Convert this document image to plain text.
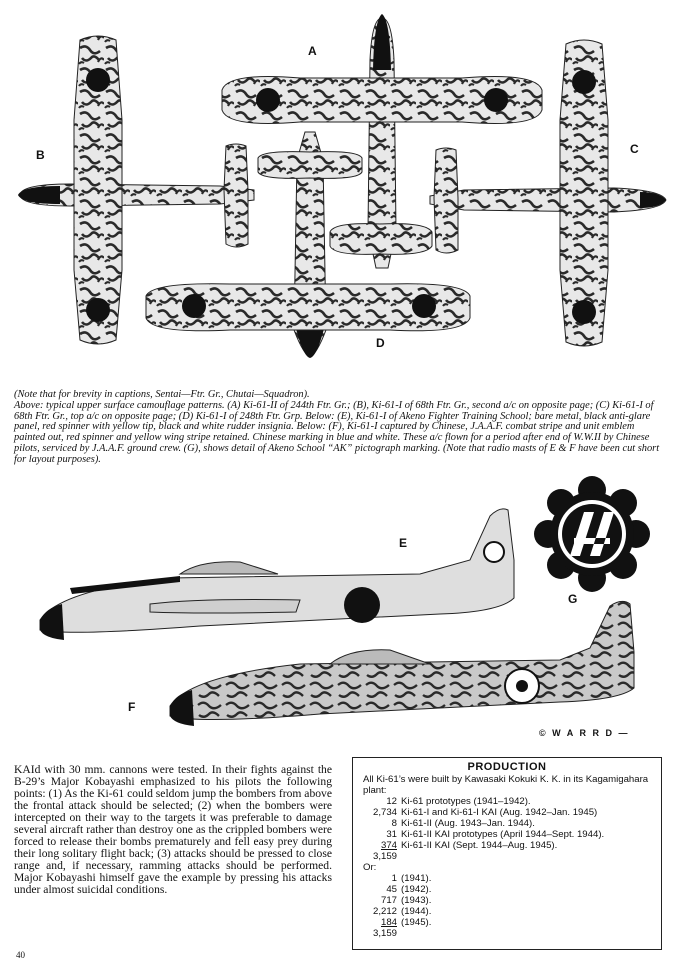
A
B	C
D

(Note that for brevity in captions, Sentai—Ftr. Gr., Chutai—Squadron).

Above: typical upper surface camouflage patterns. (A) Ki-61-II of 244th Ftr. Gr.; (B), Ki-61-I of 68th Ftr. Gr., second a/c on opposite page; (C) Ki-61-I of 68th Ftr. Gr., top a/c on opposite page; (D) Ki-61-I of 248th Ftr. Grp. Below: (E), Ki-61-I of Akeno Fighter Training School; bare metal, black anti-glare panel, red spinner with yellow tip, black and white rudder insignia. Below: (F), Ki-61-I captured by Chinese, J.A.A.F. combat stripe and unit emblem painted out, red spinner and yellow wing stripe retained. Chinese marking in blue and white. These a/c flown for a period after end of W.W.II by Chinese pilots, serviced by J.A.A.F. ground crew. (G), shows detail of Akeno School “AK” pictograph marking. (Note that radio masts of E & F have been cut short for layout purposes).

E
F
G
© W A R R D —
KAId with 30 mm. cannons were tested. In their fights against the B-29’s Major Kobayashi emphasized to his pilots the following points: (1) As the Ki-61 could seldom jump the bombers from above the frontal attack should be selected; (2) when the bombers were intercepted on their way to the targets it was preferable to damage several aircraft rather than destroy one as the crippled bombers were forced to release their bombs prematurely and fell easy prey during their long solitary flight back; (3) attacks should be pressed to close range and, if necessary, ramming attacks should be performed. Major Kobayashi himself gave the example by pressing his attacks under almost suicidal conditions.
PRODUCTION
All Ki-61’s were built by Kawasaki Kokuki K. K. in its Kagamigahara plant:
12 Ki-61 prototypes (1941–1942).
2,734 Ki-61-I and Ki-61-I KAI (Aug. 1942–Jan. 1945)
8 Ki-61-II (Aug. 1943–Jan. 1944).
31 Ki-61-II KAI prototypes (April 1944–Sept. 1944).
374 Ki-61-II KAI (Sept. 1944–Aug. 1945).
3,159
Or:
1 (1941).
45 (1942).
717 (1943).
2,212 (1944).
184 (1945).
3,159
40
